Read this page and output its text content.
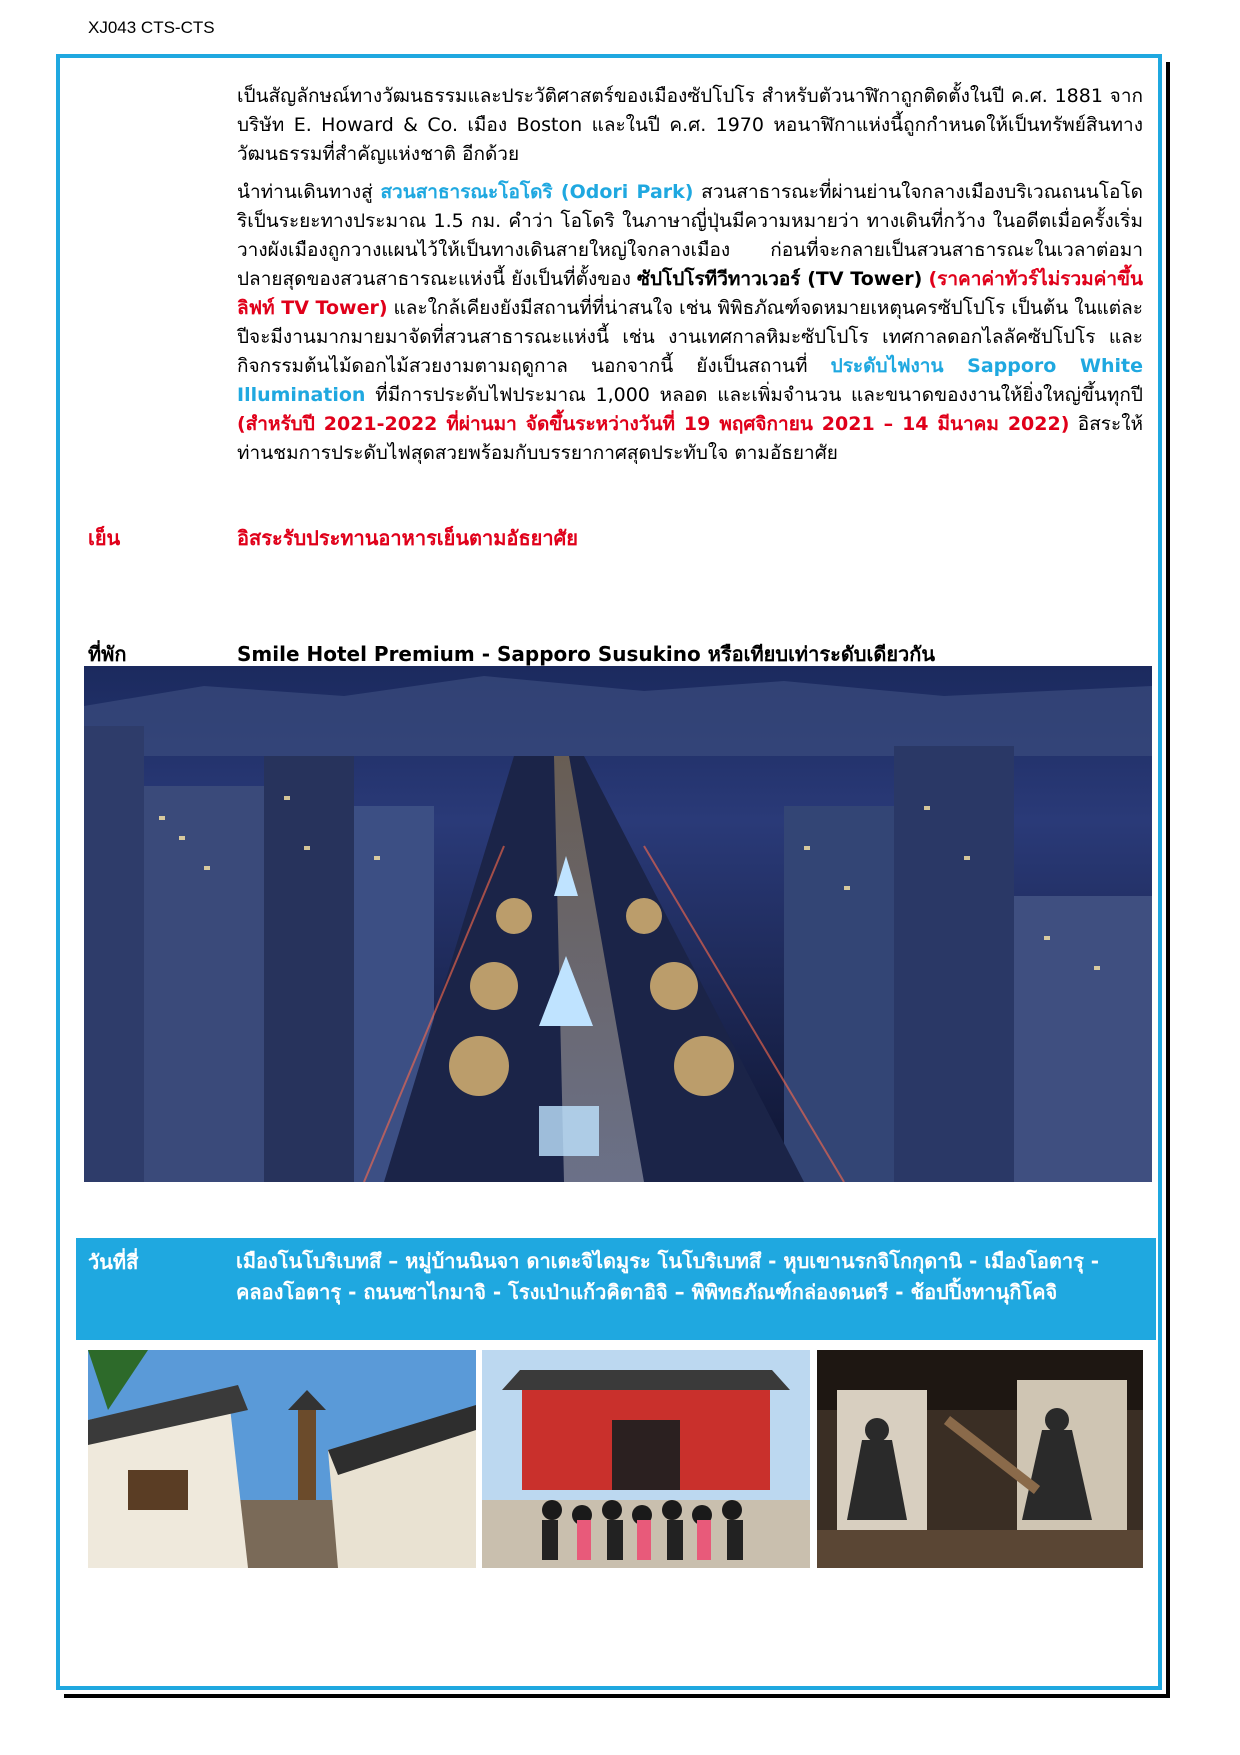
XJ043 CTS-CTS
เป็นสัญลักษณ์ทางวัฒนธรรมและประวัติศาสตร์ของเมืองซัปโปโร สำหรับตัวนาฬิกาถูกติดตั้งในปี ค.ศ. 1881 จากบริษัท E. Howard & Co. เมือง Boston และในปี ค.ศ. 1970 หอนาฬิกาแห่งนี้ถูกกำหนดให้เป็นทรัพย์สินทางวัฒนธรรมที่สำคัญแห่งชาติ อีกด้วย
นำท่านเดินทางสู่ สวนสาธารณะโอโดริ (Odori Park) สวนสาธารณะที่ผ่านย่านใจกลางเมืองบริเวณถนนโอโดริเป็นระยะทางประมาณ 1.5 กม. คำว่า โอโดริ ในภาษาญี่ปุ่นมีความหมายว่า ทางเดินที่กว้าง ในอดีตเมื่อครั้งเริ่มวางผังเมืองถูกวางแผนไว้ให้เป็นทางเดินสายใหญ่ใจกลางเมือง ก่อนที่จะกลายเป็นสวนสาธารณะในเวลาต่อมา ปลายสุดของสวนสาธารณะแห่งนี้ ยังเป็นที่ตั้งของ ซัปโปโรทีวีทาวเวอร์ (TV Tower) (ราคาค่าทัวร์ไม่รวมค่าขึ้นลิฟท์ TV Tower) และใกล้เคียงยังมีสถานที่ที่น่าสนใจ เช่น พิพิธภัณฑ์จดหมายเหตุนครซัปโปโร เป็นต้น ในแต่ละปีจะมีงานมากมายมาจัดที่สวนสาธารณะแห่งนี้ เช่น งานเทศกาลหิมะซัปโปโร เทศกาลดอกไลลัคซัปโปโร และกิจกรรมต้นไม้ดอกไม้สวยงามตามฤดูกาล นอกจากนี้ ยังเป็นสถานที่ ประดับไฟงาน Sapporo White Illumination ที่มีการประดับไฟประมาณ 1,000 หลอด และเพิ่มจำนวน และขนาดของงานให้ยิ่งใหญ่ขึ้นทุกปี (สำหรับปี 2021-2022 ที่ผ่านมา จัดขึ้นระหว่างวันที่ 19 พฤศจิกายน 2021 – 14 มีนาคม 2022) อิสระให้ท่านชมการประดับไฟสุดสวยพร้อมกับบรรยากาศสุดประทับใจ ตามอัธยาศัย
เย็น	อิสระรับประทานอาหารเย็นตามอัธยาศัย
ที่พัก	Smile Hotel Premium - Sapporo Susukino หรือเทียบเท่าระดับเดียวกัน
วันที่สี่	เมืองโนโบริเบทสึ – หมู่บ้านนินจา ดาเตะจิไดมูระ โนโบริเบทสึ - หุบเขานรกจิโกกุดานิ - เมืองโอตารุ - คลองโอตารุ - ถนนซาไกมาจิ - โรงเป่าแก้วคิตาอิจิ – พิพิทธภัณฑ์กล่องดนตรี - ช้อปปิ้งทานุกิโคจิ
